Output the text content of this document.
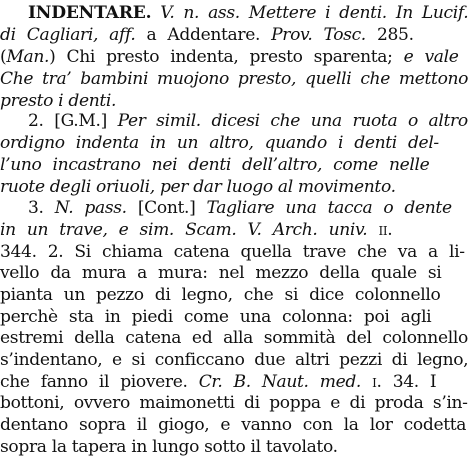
INDENTARE. V. n. ass. Mettere i denti. In Lucif.
di Cagliari, aff. a Addentare. Prov. Tosc. 285.
(Man.) Chi presto indenta, presto sparenta; e vale
Che tra’ bambini muojono presto, quelli che mettono
presto i denti.
2. [G.M.] Per simil. dicesi che una ruota o altro
ordigno indenta in un altro, quando i denti del-
l’uno incastrano nei denti dell’altro, come nelle
ruote degli oriuoli, per dar luogo al movimento.
3. N. pass. [Cont.] Tagliare una tacca o dente
in un trave, e sim. Scam. V. Arch. univ. ii.
344. 2. Si chiama catena quella trave che va a li-
vello da mura a mura: nel mezzo della quale si
pianta un pezzo di legno, che si dice colonnello
perchè sta in piedi come una colonna: poi agli
estremi della catena ed alla sommità del colonnello
s’indentano, e si conficcano due altri pezzi di legno,
che fanno il piovere. Cr. B. Naut. med. i. 34. I
bottoni, ovvero maimonetti di poppa e di proda s’in-
dentano sopra il giogo, e vanno con la lor codetta
sopra la tapera in lungo sotto il tavolato.
